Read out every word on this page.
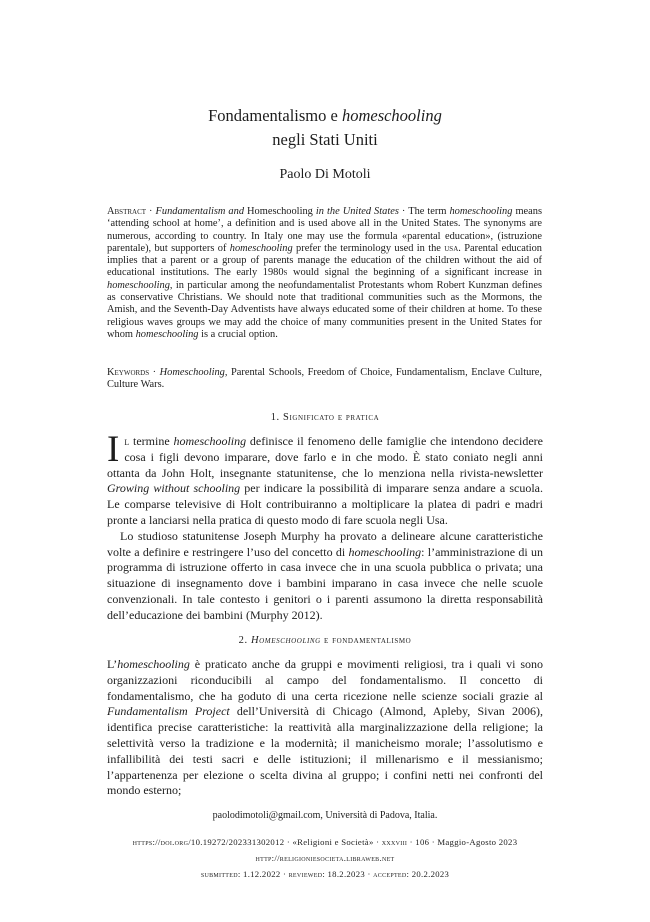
Fondamentalismo e homeschooling
negli Stati Uniti
Paolo Di Motoli
Abstract · Fundamentalism and Homeschooling in the United States · The term homeschooling means ‘attending school at home’, a definition and is used above all in the United States. The synonyms are numerous, according to country. In Italy one may use the formula «parental education», (istruzione parentale), but supporters of homeschooling prefer the terminology used in the usa. Parental education implies that a parent or a group of parents manage the education of the children without the aid of educational institutions. The early 1980s would signal the beginning of a significant increase in homeschooling, in particular among the neofundamentalist Protestants whom Robert Kunzman defines as conservative Christians. We should note that traditional communities such as the Mormons, the Amish, and the Seventh-Day Adventists have always educated some of their children at home. To these religious waves groups we may add the choice of many communities present in the United States for whom homeschooling is a crucial option.
Keywords · Homeschooling, Parental Schools, Freedom of Choice, Fundamentalism, Enclave Culture, Culture Wars.
1. Significato e pratica

Il termine homeschooling definisce il fenomeno delle famiglie che intendono decidere cosa i figli devono imparare, dove farlo e in che modo. È stato coniato negli anni ottanta da John Holt, insegnante statunitense, che lo menziona nella rivista-newsletter Growing without schooling per indicare la possibilità di imparare senza andare a scuola. Le comparse televisive di Holt contribuiranno a moltiplicare la platea di padri e madri pronte a lanciarsi nella pratica di questo modo di fare scuola negli Usa.

Lo studioso statunitense Joseph Murphy ha provato a delineare alcune caratteristiche volte a definire e restringere l’uso del concetto di homeschooling: l’amministrazione di un programma di istruzione offerto in casa invece che in una scuola pubblica o privata; una situazione di insegnamento dove i bambini imparano in casa invece che nelle scuole convenzionali. In tale contesto i genitori o i parenti assumono la diretta responsabilità dell’educazione dei bambini (Murphy 2012).

2. Homeschooling e fondamentalismo

L’homeschooling è praticato anche da gruppi e movimenti religiosi, tra i quali vi sono organizzazioni riconducibili al campo del fondamentalismo. Il concetto di fondamentalismo, che ha goduto di una certa ricezione nelle scienze sociali grazie al Fundamentalism Project dell’Università di Chicago (Almond, Apleby, Sivan 2006), identifica precise caratteristiche: la reattività alla marginalizzazione della religione; la selettività verso la tradizione e la modernità; il manicheismo morale; l’assolutismo e infallibilità dei testi sacri e delle istituzioni; il millenarismo e il messianismo; l’appartenenza per elezione o scelta divina al gruppo; i confini netti nei confronti del mondo esterno;

paolodimotoli@gmail.com, Università di Padova, Italia.
https://doi.org/10.19272/202331302012 · «Religioni e Società» · xxxviii · 106 · Maggio-Agosto 2023
http://religioniesocieta.libraweb.net
submitted: 1.12.2022 · reviewed: 18.2.2023 · accepted: 20.2.2023
